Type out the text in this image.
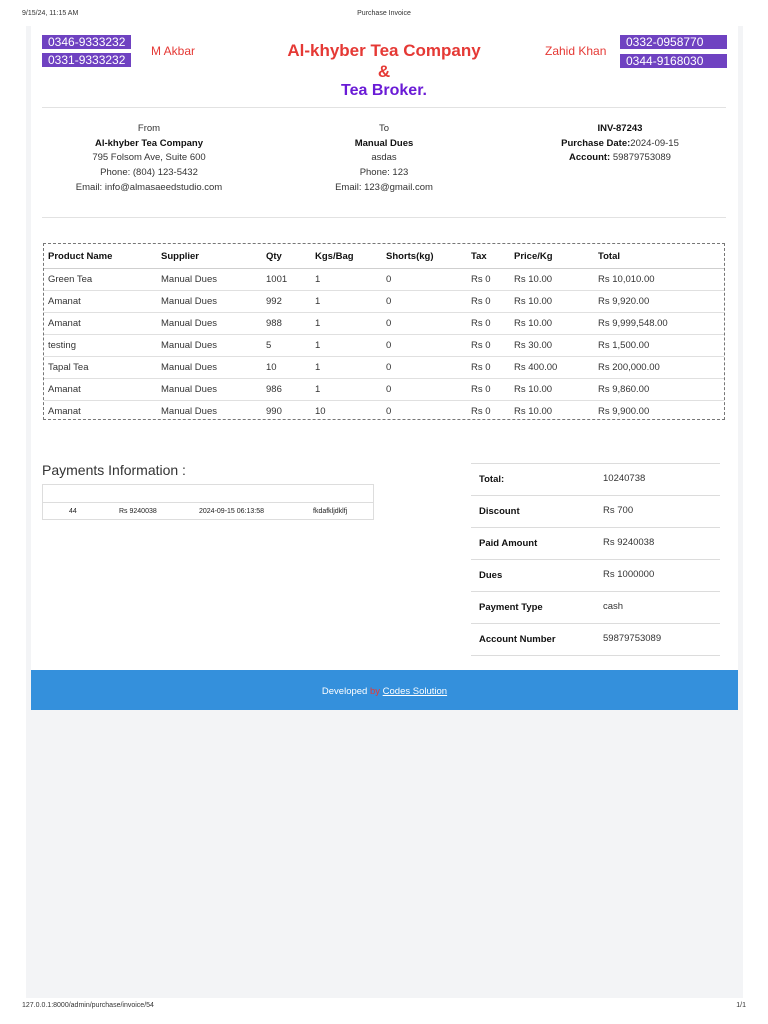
9/15/24, 11:15 AM	Purchase Invoice
0346-9333232
0331-9333232
M Akbar	Al-khyber Tea Company
&
Tea Broker.
Zahid Khan
0332-0958770
0344-9168030
From
Al-khyber Tea Company
795 Folsom Ave, Suite 600
Phone: (804) 123-5432
Email: info@almasaeedstudio.com
To
Manual Dues
asdas
Phone: 123
Email: 123@gmail.com
INV-87243
Purchase Date:2024-09-15
Account: 59879753089
Product Name	Supplier	Qty	Kgs/Bag	Shorts(kg)	Tax	Price/Kg	Total
Green Tea	Manual Dues	1001	1	0	Rs 0	Rs 10.00	Rs 10,010.00
Amanat	Manual Dues	992	1	0	Rs 0	Rs 10.00	Rs 9,920.00
Amanat	Manual Dues	988	1	0	Rs 0	Rs 10.00	Rs 9,999,548.00
testing	Manual Dues	5	1	0	Rs 0	Rs 30.00	Rs 1,500.00
Tapal Tea	Manual Dues	10	1	0	Rs 0	Rs 400.00	Rs 200,000.00
Amanat	Manual Dues	986	1	0	Rs 0	Rs 10.00	Rs 9,860.00
Amanat	Manual Dues	990	10	0	Rs 0	Rs 10.00	Rs 9,900.00
Payments Information :
44	Rs 9240038	2024-09-15 06:13:58	fkdafkljdklfj
Total:	10240738
Discount	Rs 700
Paid Amount	Rs 9240038
Dues	Rs 1000000
Payment Type	cash
Account Number	59879753089
Developed by Codes Solution
127.0.0.1:8000/admin/purchase/invoice/54	1/1
